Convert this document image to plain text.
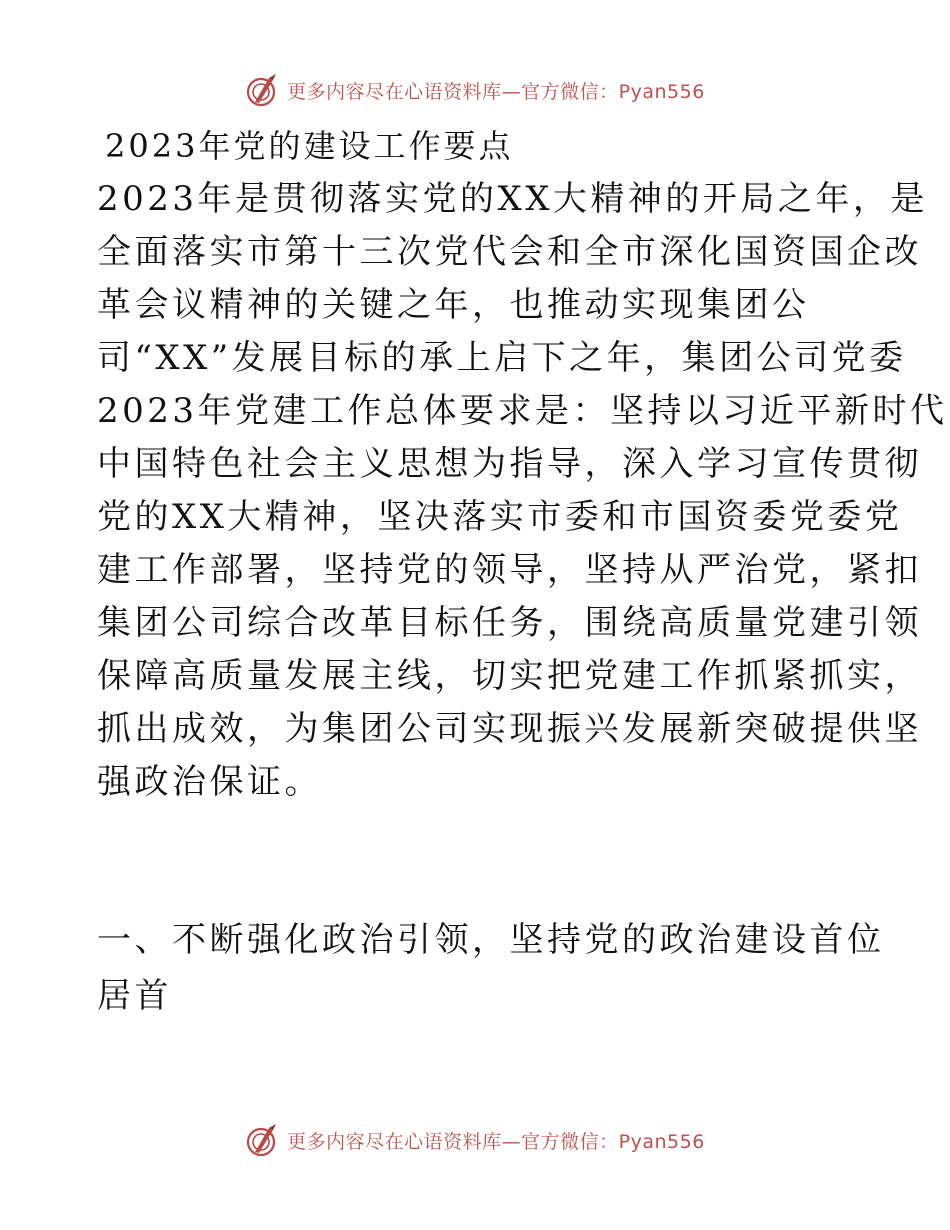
更多内容尽在心语资料库—官方微信：Pyan556
2023年党的建设工作要点
2023年是贯彻落实党的XX大精神的开局之年，是
全面落实市第十三次党代会和全市深化国资国企改
革会议精神的关键之年，也推动实现集团公
司“XX”发展目标的承上启下之年，集团公司党委
2023年党建工作总体要求是：坚持以习近平新时代
中国特色社会主义思想为指导，深入学习宣传贯彻
党的XX大精神，坚决落实市委和市国资委党委党
建工作部署，坚持党的领导，坚持从严治党，紧扣
集团公司综合改革目标任务，围绕高质量党建引领
保障高质量发展主线，切实把党建工作抓紧抓实，
抓出成效，为集团公司实现振兴发展新突破提供坚
强政治保证。
一、不断强化政治引领，坚持党的政治建设首位
居首
更多内容尽在心语资料库—官方微信：Pyan556
